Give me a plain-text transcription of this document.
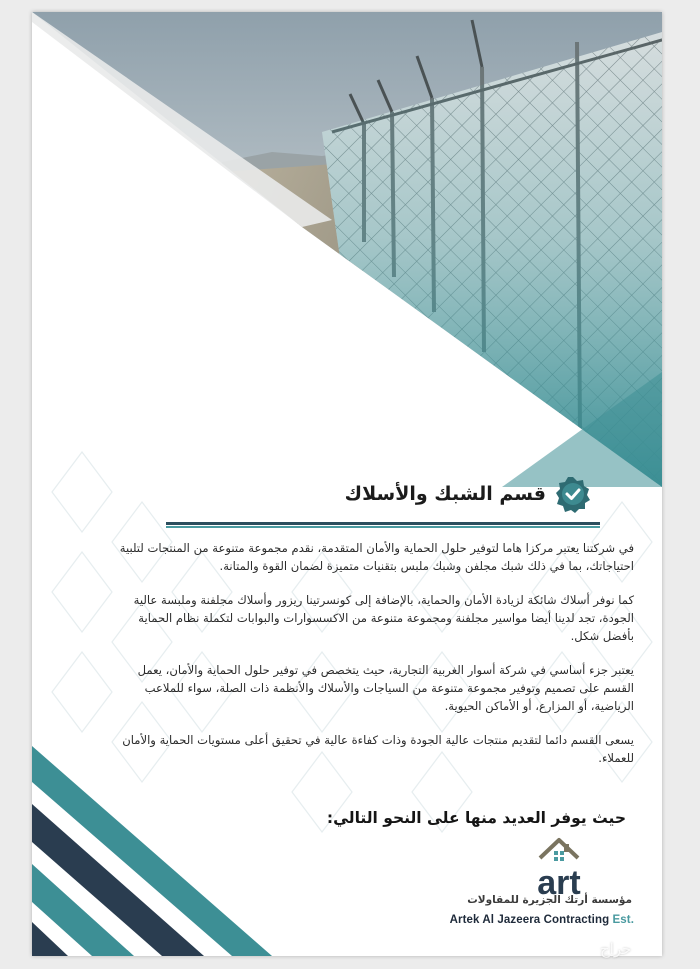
قسم الشبك والأسلاك

في شركتنا يعتبر مركزا هاما لتوفير حلول الحماية والأمان المتقدمة، نقدم مجموعة متنوعة من المنتجات لتلبية احتياجاتك، بما في ذلك شبك مجلفن وشبك ملبس بتقنيات متميزة لضمان القوة والمتانة.

كما نوفر أسلاك شائكة لزيادة الأمان والحماية، بالإضافة إلى كونسرتينا ريزور وأسلاك مجلفنة وملبسة عالية الجودة، تجد لدينا أيضا مواسير مجلفنة ومجموعة متنوعة من الاكسسوارات والبوابات لتكملة نظام الحماية بأفضل شكل.

يعتبر جزء أساسي في شركة أسوار الغربية التجارية، حيث يتخصص في توفير حلول الحماية والأمان، يعمل القسم على تصميم وتوفير مجموعة متنوعة من السياجات والأسلاك والأنظمة ذات الصلة، سواء للملاعب الرياضية، أو المزارع، أو الأماكن الحيوية.

يسعى القسم دائما لتقديم منتجات عالية الجودة وذات كفاءة عالية في تحقيق أعلى مستويات الحماية والأمان للعملاء.

حيث يوفر العديد منها على النحو التالي:
art
مؤسسة أرتك الجزيرة للمقاولات
Artek Al Jazeera Contracting Est.
حراج
